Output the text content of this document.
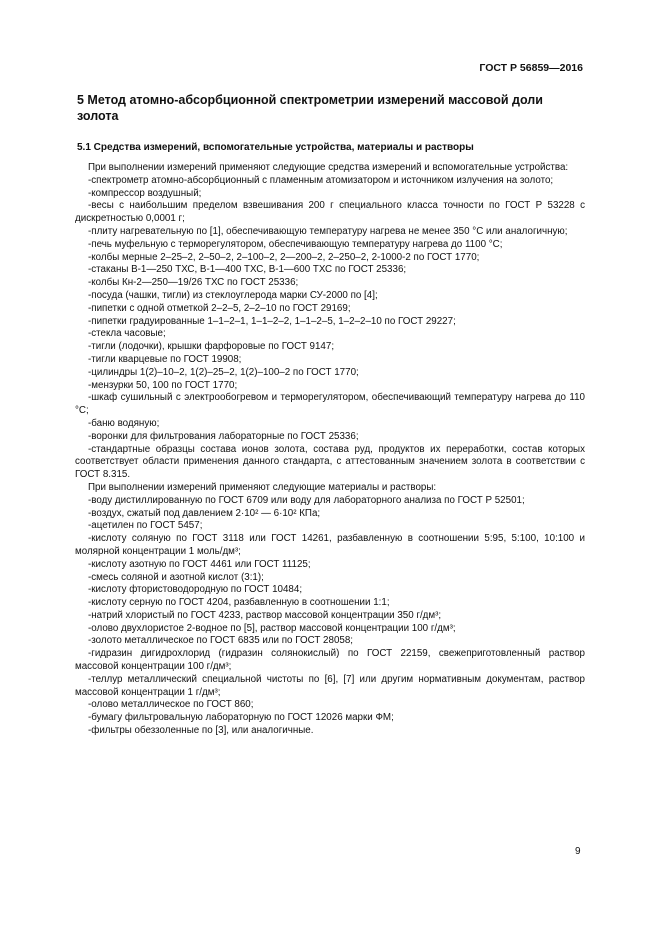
ГОСТ Р 56859—2016
5 Метод атомно-абсорбционной спектрометрии измерений массовой доли золота
5.1 Средства измерений, вспомогательные устройства, материалы и растворы

При выполнении измерений применяют следующие средства измерений и вспомогательные устройства:

-спектрометр атомно-абсорбционный с пламенным атомизатором и источником излучения на золото;

-компрессор воздушный;

-весы с наибольшим пределом взвешивания 200 г специального класса точности по ГОСТ Р 53228 с дискретностью 0,0001 г;

-плиту нагревательную по [1], обеспечивающую температуру нагрева не менее 350 °С или аналогичную;

-печь муфельную с терморегулятором, обеспечивающую температуру нагрева до 1100 °С;

-колбы мерные 2–25–2, 2–50–2, 2–100–2, 2—200–2, 2–250–2, 2-1000-2 по ГОСТ 1770;

-стаканы В-1—250 ТХС, В-1—400 ТХС, В-1—600 ТХС по ГОСТ 25336;

-колбы Кн-2—250—19/26 ТХС по ГОСТ 25336;

-посуда (чашки, тигли) из стеклоуглерода марки СУ-2000 по [4];

-пипетки с одной отметкой 2–2–5, 2–2–10 по ГОСТ 29169;

-пипетки градуированные 1–1–2–1, 1–1–2–2, 1–1–2–5, 1–2–2–10 по ГОСТ 29227;

-стекла часовые;

-тигли (лодочки), крышки фарфоровые по ГОСТ 9147;

-тигли кварцевые по ГОСТ 19908;

-цилиндры 1(2)–10–2, 1(2)–25–2, 1(2)–100–2 по ГОСТ 1770;

-мензурки 50, 100 по ГОСТ 1770;

-шкаф сушильный с электрообогревом и терморегулятором, обеспечивающий температуру нагрева до 110 °С;

-баню водяную;

-воронки для фильтрования лабораторные по ГОСТ 25336;

-стандартные образцы состава ионов золота, состава руд, продуктов их переработки, состав которых соответствует области применения данного стандарта, с аттестованным значением золота в соответствии с ГОСТ 8.315.

При выполнении измерений применяют следующие материалы и растворы:

-воду дистиллированную по ГОСТ 6709 или воду для лабораторного анализа по ГОСТ Р 52501;

-воздух, сжатый под давлением 2·10² — 6·10² КПа;

-ацетилен по ГОСТ 5457;

-кислоту соляную по ГОСТ 3118 или ГОСТ 14261, разбавленную в соотношении 5:95, 5:100, 10:100 и молярной концентрации 1 моль/дм³;

-кислоту азотную по ГОСТ 4461 или ГОСТ 11125;

-смесь соляной и азотной кислот (3:1);

-кислоту фтористоводородную по ГОСТ 10484;

-кислоту серную по ГОСТ 4204, разбавленную в соотношении 1:1;

-натрий хлористый по ГОСТ 4233, раствор массовой концентрации 350 г/дм³;

-олово двухлористое 2-водное по [5], раствор массовой концентрации 100 г/дм³;

-золото металлическое по ГОСТ 6835 или по ГОСТ 28058;

-гидразин дигидрохлорид (гидразин солянокислый) по ГОСТ 22159, свежеприготовленный раствор массовой концентрации 100 г/дм³;

-теллур металлический специальной чистоты по [6], [7] или другим нормативным документам, раствор массовой концентрации 1 г/дм³;

-олово металлическое по ГОСТ 860;

-бумагу фильтровальную лабораторную по ГОСТ 12026 марки ФМ;

-фильтры обеззоленные по [3], или аналогичные.

9
